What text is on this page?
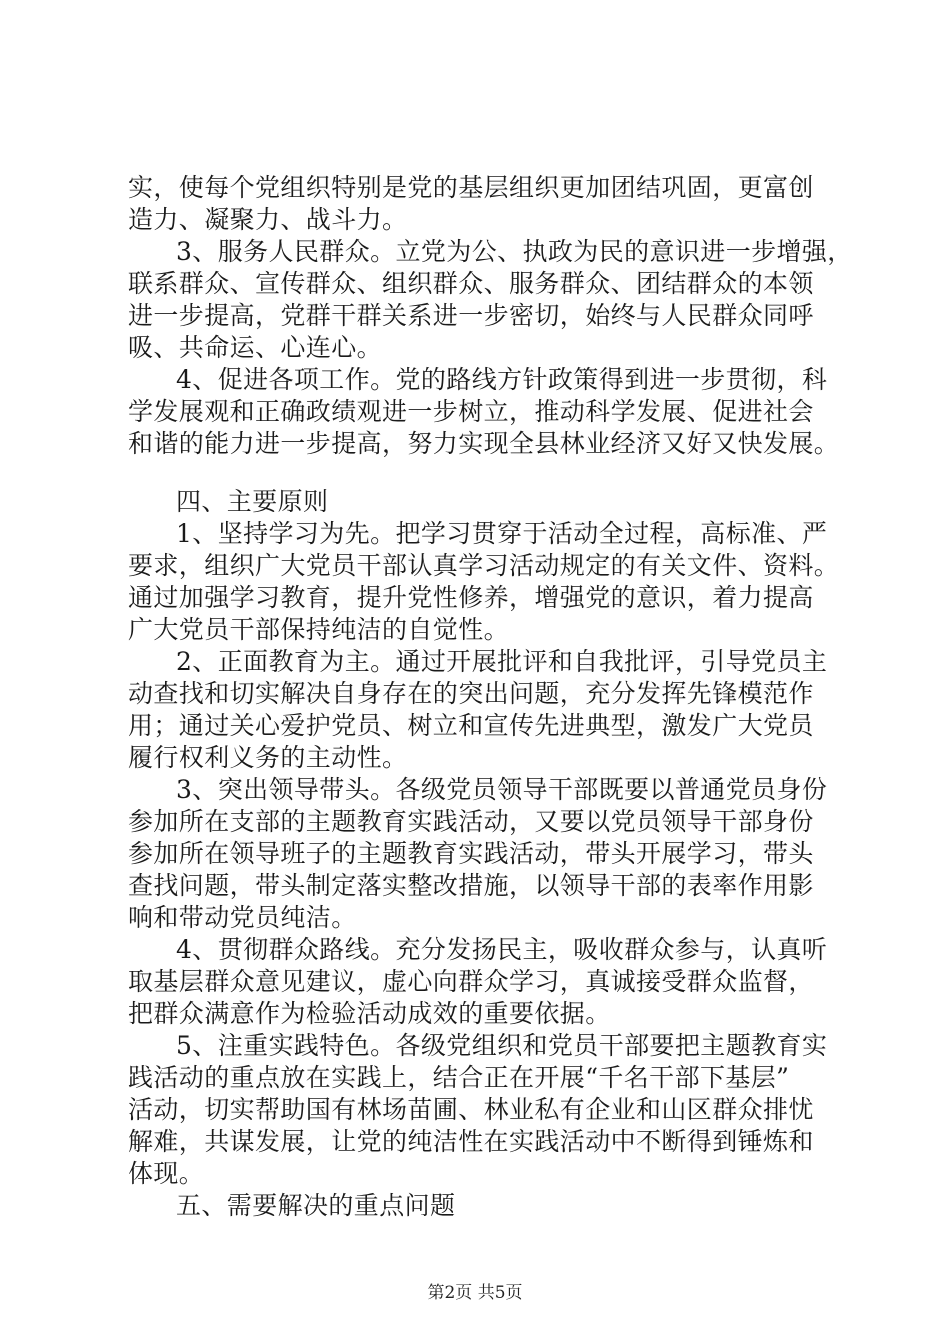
实，使每个党组织特别是党的基层组织更加团结巩固，更富创
造力、凝聚力、战斗力。
3、服务人民群众。立党为公、执政为民的意识进一步增强，
联系群众、宣传群众、组织群众、服务群众、团结群众的本领
进一步提高，党群干群关系进一步密切，始终与人民群众同呼
吸、共命运、心连心。
4、促进各项工作。党的路线方针政策得到进一步贯彻，科
学发展观和正确政绩观进一步树立，推动科学发展、促进社会
和谐的能力进一步提高，努力实现全县林业经济又好又快发展。
四、主要原则
1、坚持学习为先。把学习贯穿于活动全过程，高标准、严
要求，组织广大党员干部认真学习活动规定的有关文件、资料。
通过加强学习教育，提升党性修养，增强党的意识，着力提高
广大党员干部保持纯洁的自觉性。
2、正面教育为主。通过开展批评和自我批评，引导党员主
动查找和切实解决自身存在的突出问题，充分发挥先锋模范作
用；通过关心爱护党员、树立和宣传先进典型，激发广大党员
履行权利义务的主动性。
3、突出领导带头。各级党员领导干部既要以普通党员身份
参加所在支部的主题教育实践活动，又要以党员领导干部身份
参加所在领导班子的主题教育实践活动，带头开展学习，带头
查找问题，带头制定落实整改措施，以领导干部的表率作用影
响和带动党员纯洁。
4、贯彻群众路线。充分发扬民主，吸收群众参与，认真听
取基层群众意见建议，虚心向群众学习，真诚接受群众监督，
把群众满意作为检验活动成效的重要依据。
5、注重实践特色。各级党组织和党员干部要把主题教育实
践活动的重点放在实践上，结合正在开展“千名干部下基层”
活动，切实帮助国有林场苗圃、林业私有企业和山区群众排忧
解难，共谋发展，让党的纯洁性在实践活动中不断得到锤炼和
体现。
五、需要解决的重点问题
第2页 共5页
